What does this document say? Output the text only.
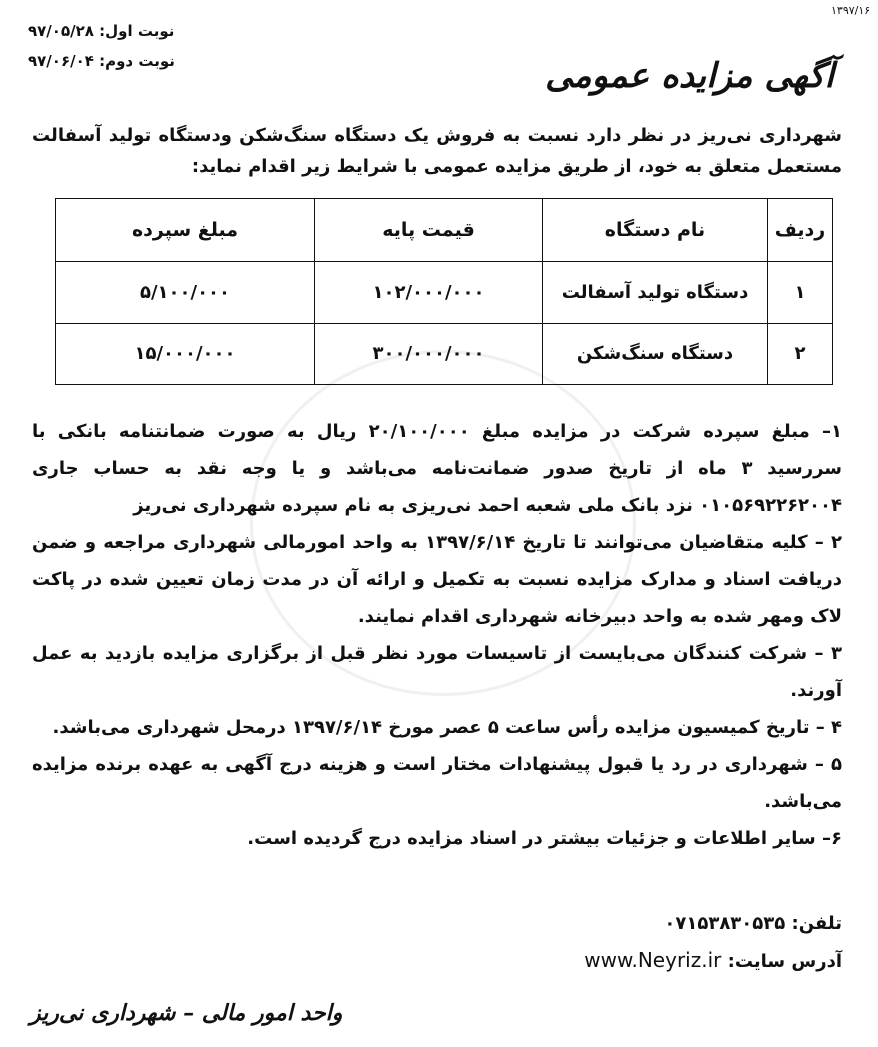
۱۳۹۷/۱۶
نوبت اول: ۹۷/۰۵/۲۸
نوبت دوم: ۹۷/۰۶/۰۴	آگهی مزایده عمومی
شهرداری نی‌ریز در نظر دارد نسبت به فروش یک دستگاه سنگ‌شکن ودستگاه تولید آسفالت مستعمل متعلق به خود، از طریق مزایده عمومی با شرایط زیر اقدام نماید:
ردیف	نام دستگاه	قیمت پایه	مبلغ سپرده
۱	دستگاه تولید آسفالت	۱۰۲/۰۰۰/۰۰۰	۵/۱۰۰/۰۰۰
۲	دستگاه سنگ‌شکن	۳۰۰/۰۰۰/۰۰۰	۱۵/۰۰۰/۰۰۰

۱– مبلغ سپرده شرکت در مزایده مبلغ ۲۰/۱۰۰/۰۰۰ ریال به صورت ضمانتنامه بانکی با سررسید ۳ ماه از تاریخ صدور ضمانت‌نامه می‌باشد و یا وجه نقد به حساب جاری ۰۱۰۵۶۹۲۲۶۲۰۰۴ نزد بانک ملی شعبه احمد نی‌ریزی به نام سپرده شهرداری نی‌ریز

۲ – کلیه متقاضیان می‌توانند تا تاریخ ۱۳۹۷/۶/۱۴ به واحد امورمالی شهرداری مراجعه و ضمن دریافت اسناد و مدارک مزایده نسبت به تکمیل و ارائه آن در مدت زمان تعیین شده در پاکت لاک ومهر شده به واحد دبیرخانه شهرداری اقدام نمایند.

۳ – شرکت کنندگان می‌بایست از تاسیسات مورد نظر قبل از برگزاری مزایده بازدید به عمل آورند.

۴ – تاریخ کمیسیون مزایده رأس ساعت ۵ عصر مورخ ۱۳۹۷/۶/۱۴ درمحل شهرداری می‌باشد.

۵ – شهرداری در رد یا قبول پیشنهادات مختار است و هزینه درج آگهی به عهده برنده مزایده می‌باشد.

۶– سایر اطلاعات و جزئیات بیشتر در اسناد مزایده درج گردیده است.

تلفن: ۰۷۱۵۳۸۳۰۵۳۵
آدرس سایت: www.Neyriz.ir
واحد امور مالی – شهرداری نی‌ریز
